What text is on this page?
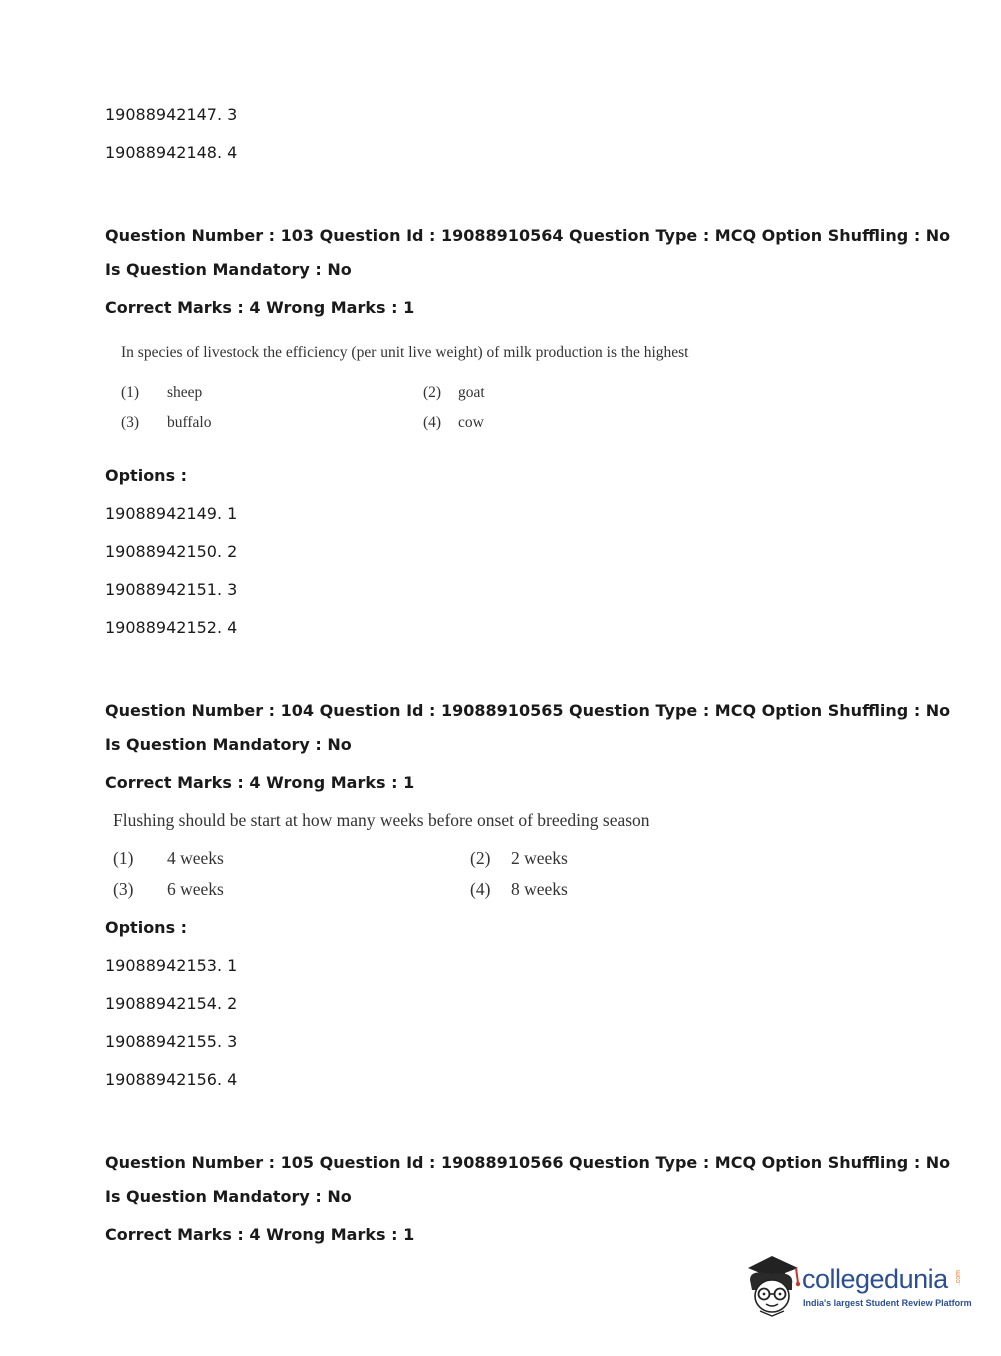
19088942147. 3
19088942148. 4
Question Number : 103 Question Id : 19088910564 Question Type : MCQ Option Shuffling : No
Is Question Mandatory : No
Correct Marks : 4 Wrong Marks : 1
In species of livestock the efficiency (per unit live weight) of milk production is the highest
(1) sheep	(2) goat
(3) buffalo	(4) cow
Options :
19088942149. 1
19088942150. 2
19088942151. 3
19088942152. 4
Question Number : 104 Question Id : 19088910565 Question Type : MCQ Option Shuffling : No
Is Question Mandatory : No
Correct Marks : 4 Wrong Marks : 1
Flushing should be start at how many weeks before onset of breeding season
(1) 4 weeks	(2) 2 weeks
(3) 6 weeks	(4) 8 weeks
Options :
19088942153. 1
19088942154. 2
19088942155. 3
19088942156. 4
Question Number : 105 Question Id : 19088910566 Question Type : MCQ Option Shuffling : No
Is Question Mandatory : No
Correct Marks : 4 Wrong Marks : 1
collegedunia .com
India's largest Student Review Platform
